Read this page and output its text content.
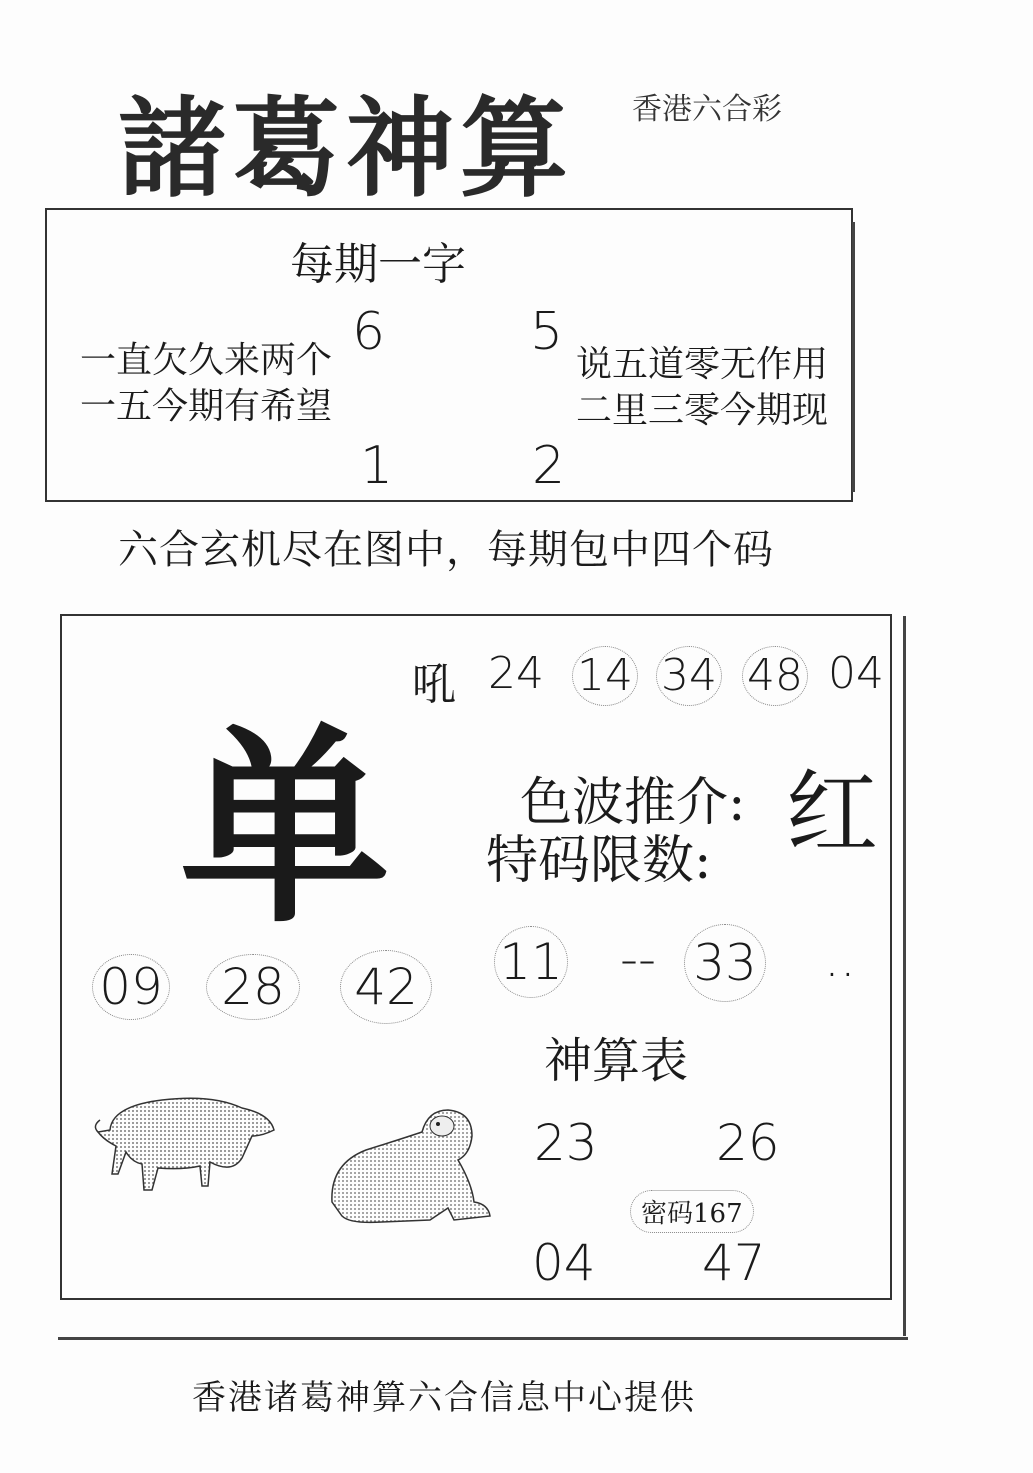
諸葛神算 香港六合彩
每期一字
6	5
1	2
一直欠久来两个
一五今期有希望
说五道零无作用
二里三零今期现
六合玄机尽在图中，每期包中四个码
吼 24 14 34 48 04
单 色波推介: 红
特码限数:
09	28	42 11 -- 33 ..
神算表
23 26
04 47
密码167
香港诸葛神算六合信息中心提供
